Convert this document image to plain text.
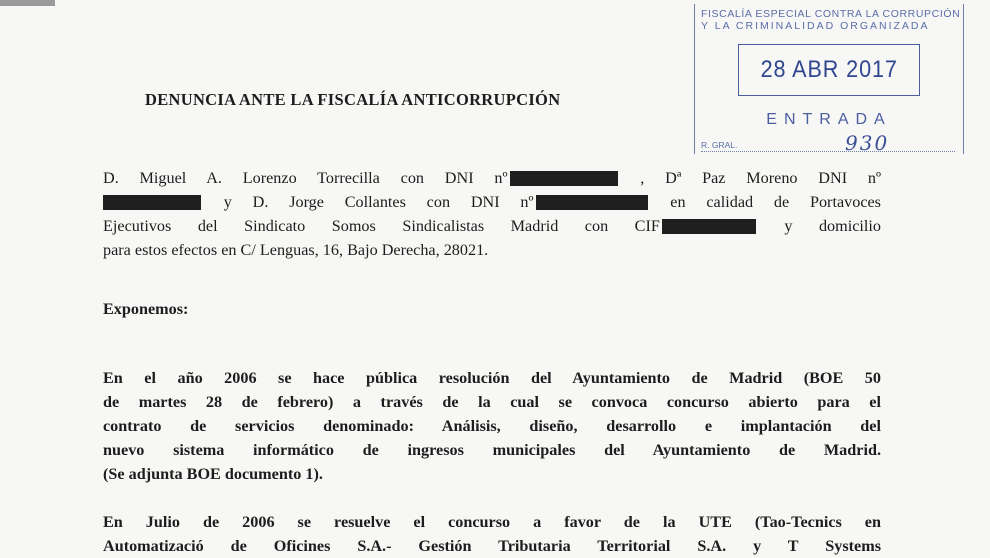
FISCALÍA ESPECIAL CONTRA LA CORRUPCIÓN
Y LA CRIMINALIDAD ORGANIZADA
28 ABR 2017
ENTRADA
R. GRAL.	930
DENUNCIA ANTE LA FISCALÍA ANTICORRUPCIÓN
D. Miguel A. Lorenzo Torrecilla con DNI nº	, Dª Paz Moreno DNI nº
y D. Jorge Collantes con DNI nº	en calidad de Portavoces
Ejecutivos del Sindicato Somos Sindicalistas Madrid con CIF	y domicilio
para estos efectos en C/ Lenguas, 16, Bajo Derecha, 28021.
Exponemos:
En el año 2006 se hace pública resolución del Ayuntamiento de Madrid (BOE 50
de martes 28 de febrero) a través de la cual se convoca concurso abierto para el
contrato de servicios denominado: Análisis, diseño, desarrollo e implantación del
nuevo sistema informático de ingresos municipales del Ayuntamiento de Madrid.
(Se adjunta BOE documento 1).
En Julio de 2006 se resuelve el concurso a favor de la UTE (Tao-Tecnics en
Automatizació de Oficines S.A.- Gestión Tributaria Territorial S.A. y T Systems
